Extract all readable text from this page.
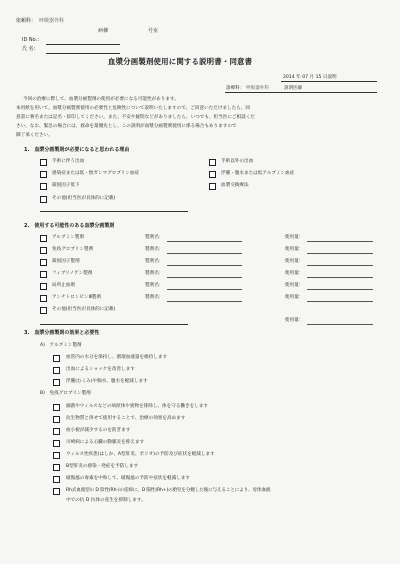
依頼科： 呼吸器外科
病棟	号室
ID No.：
氏 名：
血漿分画製剤使用に関する説明書・同意書
2014 年 07 月 15 日説明
診療科： 呼吸器外科	説明医師
今回の治療に際して、血漿分画製剤の使用が必要になる可能性があります。
本用紙を用いて、血漿分画製剤使用の必要性と危険性について説明いたしますので、ご同意いただけましたら、同
意書に署名または記名・捺印してください。また、不安や疑問などがありましたら、いつでも、担当医にご相談くだ
さい。なお、緊急の場合には、救命を最優先とし、この説明が血漿分画製剤使用に係る場合もありますので
御了承ください。
1.　血漿分画製剤が必要になると思われる理由
手術に伴う出血
感染症または低・無ガンマグロブリン血症
凝固因子低下
その他(担当医が具体的に記載)
手術以外の出血
浮腫・腹水または低アルブミン血症
血漿交換療法
2.　使用する可能性のある血漿分画製剤
アルブミン製剤	製剤名：	使用量：
免疫グロブリン製剤	製剤名：	使用量：
凝固因子製剤	製剤名：	使用量：
フィブリノゲン製剤	製剤名：	使用量：
局所止血剤	製剤名：	使用量：
アンチトロンビンⅢ製剤	製剤名：	使用量：
その他(担当医が具体的に記載)
使用量：
3.　血漿分画製剤の効果と必要性
A)　アルブミン製剤
血管内の水分を保持し、循環血液量を維持します
出血によるショックを改善します
浮腫(むくみ)や胸水、腹水を軽減します
B)　免疫グロブリン製剤
細菌やウィルスなどの病原体や異物を排除し、体を守る働きをします
抗生物質と併せて使用することで、治療の効果を高めます
血小板が減少するのを防ぎます
川崎病による心臓の動脈炎を抑えます
ウィルス性疾患(はしか、A型肝炎、ポリオ)の予防及び症状を軽減します
B型肝炎の感染・発症を予防します
破傷風の毒素を中和して、破傷風の予防や症状を軽減します
Rh式血液型の D 陰性(Rh-)の産婦に、D 陽性(Rh+)の胎児を分娩した後に与えることにより、母体血液
中での抗 D 抗体の産生を抑制します。
